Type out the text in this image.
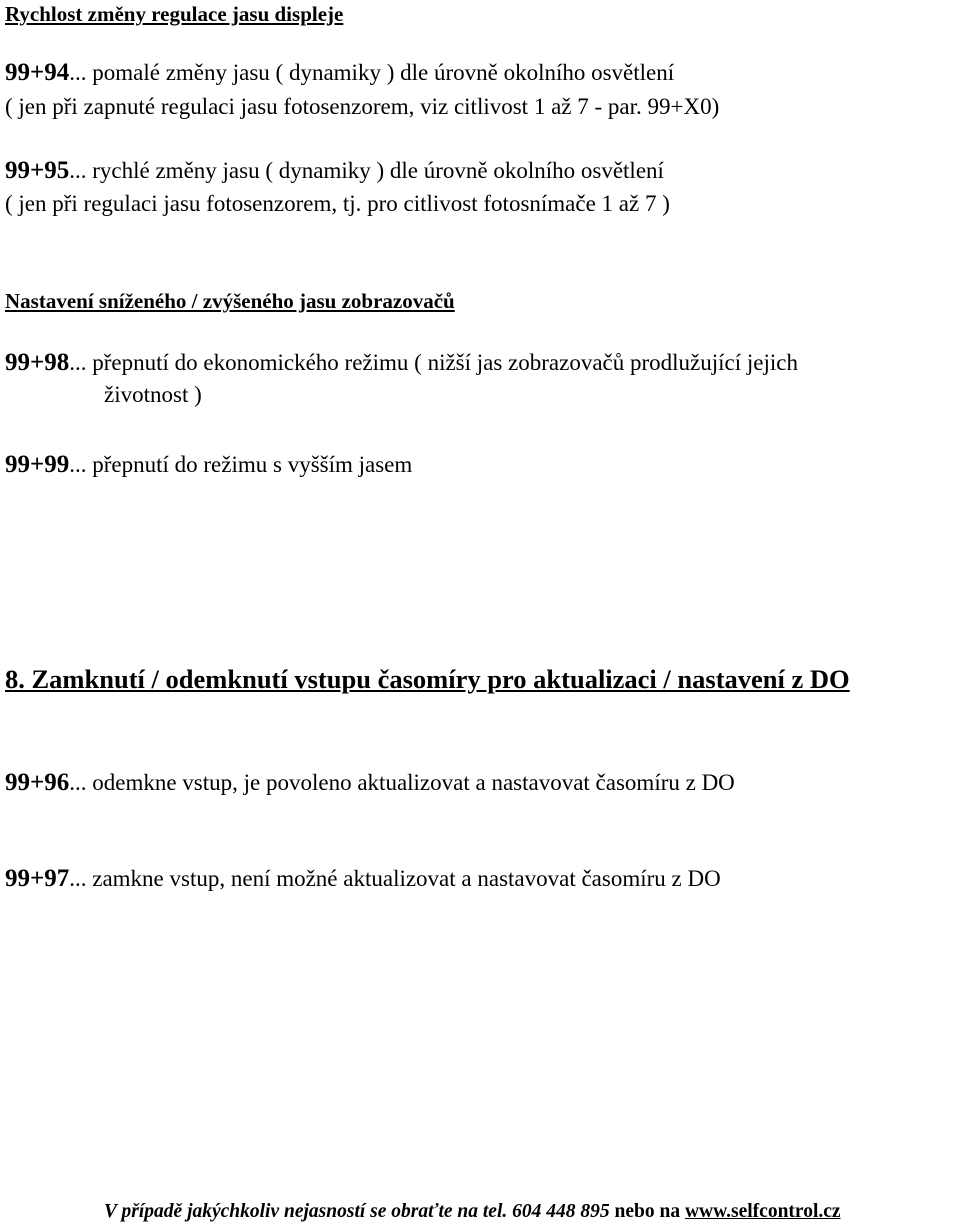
Rychlost změny regulace jasu displeje
99+94... pomalé změny jasu ( dynamiky ) dle úrovně okolního osvětlení
( jen při zapnuté regulaci jasu fotosenzorem, viz citlivost 1 až 7 - par. 99+X0)
99+95... rychlé změny jasu ( dynamiky ) dle úrovně okolního osvětlení
( jen při regulaci jasu fotosenzorem, tj. pro citlivost fotosnímače 1 až 7 )
Nastavení sníženého / zvýšeného jasu zobrazovačů
99+98... přepnutí do ekonomického režimu ( nižší jas zobrazovačů prodlužující jejich
životnost )
99+99... přepnutí do režimu s vyšším jasem
8. Zamknutí / odemknutí vstupu časomíry pro aktualizaci / nastavení z DO
99+96... odemkne vstup, je povoleno aktualizovat a nastavovat časomíru z DO
99+97... zamkne vstup, není možné aktualizovat a nastavovat časomíru z DO
V případě jakýchkoliv nejasností se obraťte na tel. 604 448 895 nebo na www.selfcontrol.cz
